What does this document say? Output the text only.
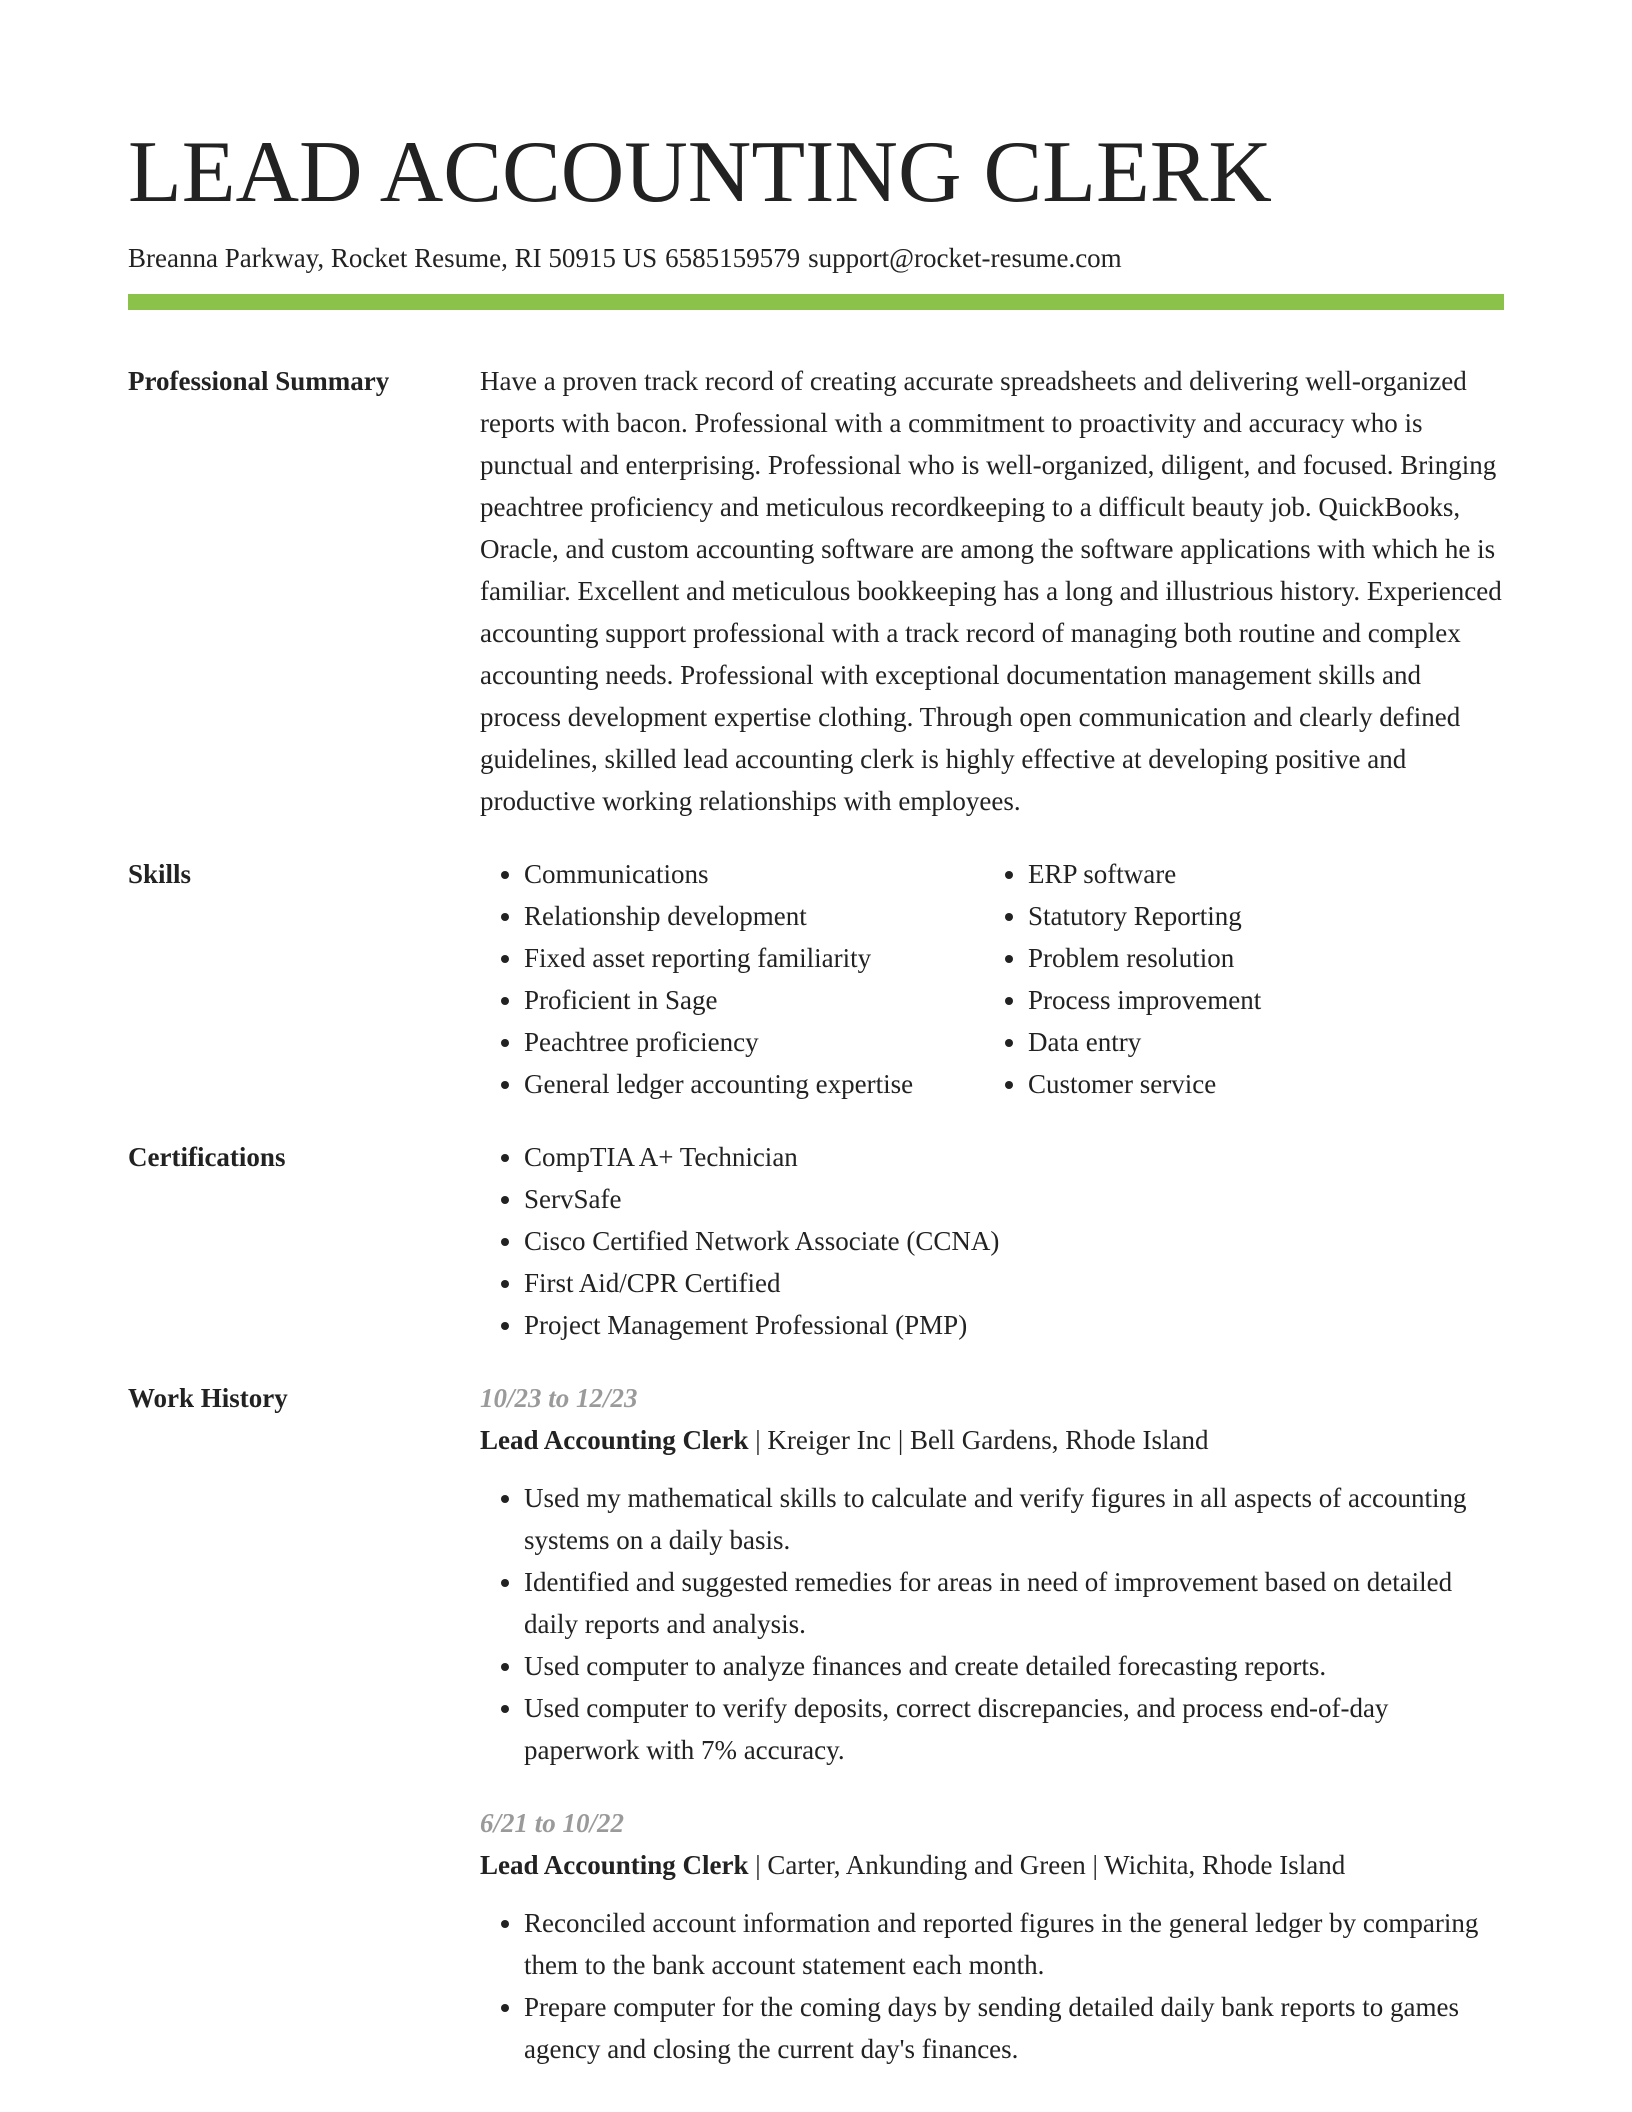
LEAD ACCOUNTING CLERK
Breanna Parkway, Rocket Resume, RI 50915 US 6585159579 support@rocket-resume.com
Professional Summary	Have a proven track record of creating accurate spreadsheets and delivering well-organized reports with bacon. Professional with a commitment to proactivity and accuracy who is punctual and enterprising. Professional who is well-organized, diligent, and focused. Bringing peachtree proficiency and meticulous recordkeeping to a difficult beauty job. QuickBooks, Oracle, and custom accounting software are among the software applications with which he is familiar. Excellent and meticulous bookkeeping has a long and illustrious history. Experienced accounting support professional with a track record of managing both routine and complex accounting needs. Professional with exceptional documentation management skills and process development expertise clothing. Through open communication and clearly defined guidelines, skilled lead accounting clerk is highly effective at developing positive and productive working relationships with employees.

Skills	• Communications
• Relationship development
• Fixed asset reporting familiarity
• Proficient in Sage
• Peachtree proficiency
• General ledger accounting expertise
• ERP software
• Statutory Reporting
• Problem resolution
• Process improvement
• Data entry
• Customer service
Certifications	• CompTIA A+ Technician
• ServSafe
• Cisco Certified Network Associate (CCNA)
• First Aid/CPR Certified
• Project Management Professional (PMP)
Work History	10/23 to 12/23
Lead Accounting Clerk | Kreiger Inc | Bell Gardens, Rhode Island
• Used my mathematical skills to calculate and verify figures in all aspects of accounting systems on a daily basis.
• Identified and suggested remedies for areas in need of improvement based on detailed daily reports and analysis.
• Used computer to analyze finances and create detailed forecasting reports.
• Used computer to verify deposits, correct discrepancies, and process end-of-day paperwork with 7% accuracy.
6/21 to 10/22
Lead Accounting Clerk | Carter, Ankunding and Green | Wichita, Rhode Island
• Reconciled account information and reported figures in the general ledger by comparing them to the bank account statement each month.
• Prepare computer for the coming days by sending detailed daily bank reports to games agency and closing the current day's finances.
